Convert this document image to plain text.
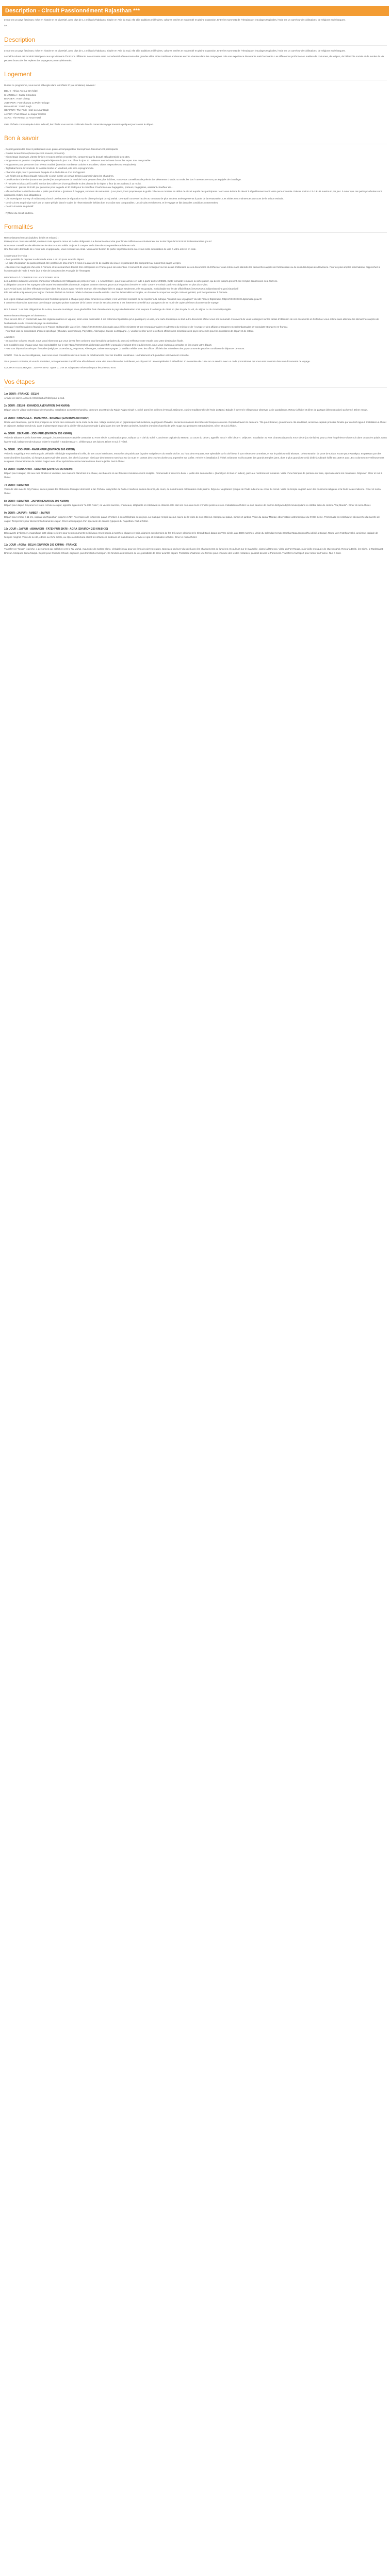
Description - Circuit Passionnément Rajasthan ***

L'Inde est un pays fascinant, riche en histoire et en diversité, avec plus de 1,4 milliard d'habitants. Située en Asie du Sud, elle allie traditions millénaires, cultures variées et modernité en pleine expansion. Entre les sommets de l'Himalaya et les plages tropicales, l'Inde est un carrefour de civilisations, de religions et de langues.

Le ...

Description

L'Inde est un pays fascinant, riche en histoire et en diversité, avec plus de 1,4 milliard d'habitants. Située en Asie du Sud, elle allie traditions millénaires, cultures variées et modernité en pleine expansion. Entre les sommets de l'Himalaya et les plages tropicales, l'Inde est un carrefour de civilisations, de religions et de langues.

Le Delhi culturel est l'endroit idéal pour ceux qui viennent d'horizons différents. Le contraste entre la modernité effervescente des grandes villes et les traditions anciennes encore vivantes dans les campagnes crée une expérience déroutante mais fascinante. Les différences profondes en matière de coutumes, de religion, de hiérarchie sociale et de modes de vie peuvent bousculer les repères des voyageurs peu expérimentés.

Logement

Durant ce programme, vous serez hébergés dans les hôtels 3* (ou similaires) suivants :

DELHI : Africa Avenue GK hôtel

KHANDELA : Castle Khandela

BIKANER : Hotel Chirag

JODHPUR : Fort Chanwa ou Pole Heritage

RANAKPUR : Fateh Bagh

UDAIPUR : The Pride Hotel ou Amar Bagh

JAIPUR : Park Ocean ou Jaipur Central

AGRA : The Retreat ou Amar Hotel

Liste d'hôtels communiquée à titre indicatif, les hôtels vous seront confirmés dans le carnet de voyage transmis quelques jours avant le départ.

Bon à savoir

- Départ garanti dès base 6 participants avec guide-accompagnateur francophone. Maximum 29 participants.

- Guides locaux francophones (accent souvent prononcé).

- Kilométrage important, vitesse limitée et routes parfois encombrées, compensé par la beauté et l'authenticité des sites.

- Programme en pension complète du petit-déjeuner du jour 2 au dîner du jour 13. Boissons non incluses durant les repas. Eau non potable.

- Programme pour personne d'un niveau modéré (attention nombreux couloirs et escaliers, visites respectées ou remplacées).

- Taj Mahal fermé le vendredi. Si la visite tombe un vendredi, elle sera reprogrammée.

- Chambre triple pour 3 personnes équipée d'un lit double et d'un lit d'appoint.

- Les hôtels ont de faux chauds mais celle-ci peut mettre un certain temps à parvenir dans les chambres.

- De décembre à février (notamment janvier) les températures du nord de l'Inde peuvent être plus fraîches, nous vous conseillons de prévoir des vêtements chauds. En Inde, les bus / navettes ne sont pas équipés de chauffage.

- À l'arrivée et à l'accueil à Delhi, remise des colliers et d'une guirlande et des photos de la région 1 fleur (6 ans cadeau à 13 mois).

- Pourboires : prévoir 50 EUR par personne pour la guide et 30 EUR pour le chauffeur. Pourboires aux bagagistes, porteurs, bagagistes, assistant chauffeur etc...

- Afin de faciliter la distribution des « petits pourboires » (porteurs à bagages, serveurs de restaurant...) sur place, il est proposé que le guide collecte ce montant en début de circuit auprès des participants : ceci vous évitera de devoir à régulièrement sortir votre porte monnaie. Prévoir environ 2 à 3 EUR maximum par jour. À noter que ces petits pourboires sont optionnels et donc non obligatoires.

- Life Investigator Survey of India (ASI) a lancé une hausse de réparation sur le dôme principal du Taj Mahal. Ce travail concerne l'accès au tombeau de plus anciens aménagements à partir de la restauration. Les visites sont maintenues au cours de la saison estivale.

- Ce circuit est en principe suivi par un autre périple dans le cadre de réservation de forfaits dont les coûts sont comparables. Les circuits enrichissent, et le voyage se fait dans des conditions commentées.

- Ce circuit existe en privatif.

- Rythme du circuit soutenu.

Formalités

Ressortissants français (adultes, bébés et enfants) :

Passeport en cours de validité, valable 6 mois après le retour et E-Visa obligatoire. La demande de e-Visa pour l'Inde s'effectuera exclusivement sur le site https://XXXXXXXX.indianvisaonline.gov.in/

Nous vous conseillons de sélectionner le visa E-tourist valide 30 jours à compter de la date de votre première arrivée en Inde.

Une fois votre demande de e-Visa faite et approuvée, vous recevrez un email. Vous aurez besoin de porter impérativement avec vous cette autorisation de visa à votre arrivée en Inde.

À noter pour le e-Visa :

- Il est possible de déposer sa demande entre 4 et 120 jours avant le départ.

- La date d'expiration du passeport doit être postérieure d'au moins 6 mois à la date de fin de validité du visa et le passeport doit comporter au moins trois pages vierges.

- Attention il ne s'agit pas d'un visa à l'arrivée et les démarches doivent être entreprises en France pour son obtention. Il convient de vous renseigner sur les délais d'obtention de ces documents et d'effectuer vous-même sans attendre les démarches auprès de l'ambassade ou du consulat depuis de délivrance. Pour de plus amples informations, rapprochez à l'Ambassade de l'Inde à Paris (sur le site de la Maison des Français de l'étranger).

IMPORTANT À COMPTER DU 1er OCTOBRE 2025

Les autorités indiennes viennent d'annoncer officiellement l'obligation de présenter une « e-Arrival Card » pour toute arrivée en Inde à partir du 01/10/2025. Cette formalité remplace la carte papier, qui devait jusqu'à présent être remplie dans l'avion ou à l'arrivée.

L'obligation concerne les voyageurs de toutes les nationalités du monde, majeurs comme mineurs, pour tous les points d'entrée en Inde. Cette « e-Arrival Card » est obligatoire en plus du E-Visa.

La e-Arrival Card doit être effectuée en ligne dans les 4 jours avant l'arrivée en Inde, elle est disponible en anglais seulement, elle est gratuite, et réalisable sur le site officiel https://XXXXXXXX.indianvisaonline.gov.in/earrival/

Elle est valide uniquement pour le jour d'arrivée déclaré et doit être refaite à chaque nouvelle arrivée. Une fois la formalité accomplie, un document comportant un QR code est généré, qu'il faut présenter à l'arrivée.

Les règles relatives au franchissement des frontières propres à chaque pays étant amenées à évoluer, il est vivement conseillé de se reporter à la rubrique "conseils aux voyageurs" du site France Diplomatie, https://XXXXXXXX.diplomatie.gouv.fr/

Il convient néanmoins avant tout que chaque voyageur puisse s'assurer de la bonne tenue de ses documents. Il est fortement conseillé aux voyageurs de se munir de copies de leurs documents de voyage.

Bon à savoir : Les frais obligatoires de e-Visa, de carte touristique et en général les frais d'entrée dans le pays de destination sont toujours à la charge du client en plus du prix du vol, du séjour ou du circuit déjà réglés.

Ressortissants étrangers et binationaux :

Vous devrez être en conformité avec les réglementations en vigueur, selon votre nationalité. Il est notamment possible qu'un passeport, un visa, une carte touristique ou tout autre document officiel vous soit demandé. Il convient de vous renseigner sur les délais d'obtention de ces documents et d'effectuer vous-même sans attendre les démarches auprès de l'ambassade ou du consulat du pays de destination.

Consulat / représentations étrangères en France et disponible via ce lien : https://XXXXXXXX.diplomatie.gouv.fr/fr/le-ministere-et-son-reseau/annuaires-et-adresses-du-ministere-de-l-europe-et-des-affaires-etrangeres-meae/ambassades-et-consulats-etrangers-en-france/.

- Pour tout visa ou autorisation d'accès spécifique (Bhoutan, Luxembourg, Pays-Bas, Allemagne, Suisse ou Espagne...), veuillez vérifier avec les offices officiels des ministères des pays concernés pour les conditions de départ et de retour.

A NOTER

- En cas d'un vol avec escale, nous vous informons que vous devez être conforme aux formalités sanitaires du pays où s'effectue votre escale pour votre destination finale.

Les modalités pour chaque pays sont consultables sur le site https://XXXXXXXX.diplomatie.gouv.fr/fr/ L'actualité évoluant très régulièrement, nous vous invitons à consulter ce lien avant votre départ.

- Pour tout départ d'un aéroport frontalier (Belgique, Luxembourg, Pays-Bas, Allemagne, Suisse ou Espagne...), veuillez vérifier avec les offices officiels des ministères des pays concernés pour les conditions de départ et de retour.

SANTÉ : Pas de vaccin obligatoire, mais nous vous conseillons de vous munir de médicaments pour les troubles intestinaux. Un traitement anti-paludéen est vivement conseillé.

Vous pouvez contacter, si vous le souhaitez, notre partenaire Rapidé'Visa afin d'obtenir votre visa sans démarche fastidieuse, en cliquant ici : www.rapidevisa.fr. Bénéficiez d'une remise de -15% sur ce service avec un code promotionnel qui vous sera transmis dans vos documents de voyage.

COURANT ELECTRIQUE : 230 V et 50Hz. Types C, D et M. Adaptateur nécessaire pour les prises D et M.

Vos étapes
1er JOUR : FRANCE - DELHI

Arrivée en soirée. Accueil et transfert à l'hôtel pour la nuit.

2e JOUR : DELHI - KHANDELA (ENVIRON 240 KM/6H)

Départ pour le village authentique de Khandela. Installation au Castle Khandela, demeure ancestrale du Rajah Rajput Singh II, niché parmi les collines d'Aravalli. Déjeuner, cuisine traditionnelle de l'Inde du Nord. Balade à travers le village pour observer la vie quotidienne. Retour à l'hôtel et dîner de partage (démonstration) au henné. Dîner et nuit.

3e JOUR : KHANDELA - MANDAWA - BIKANER (ENVIRON 250 KM/5H)

Route vers Mandawa, qui fut très prospère au temps des caravanes de la route de la soie. Village dominé par un gigantesque fort médiéval, regorgeant d'havelis, anciennes maisons décorées de fresques colorées. Départ à travers la demeure. Thé pour Bikaner, gouverneure cité du désert, ancienne capitale princière fondée par un chef rajpout. Installation à l'hôtel et déjeuner. Balade en tuk-tuk, dans le pittoresque bazar de la vieille ville puis promenade à pied dans les rues étroites animées, bordées d'anciens havelis de grès rouge aux peintures extraordinaires. Dîner et nuit à l'hôtel.

4e JOUR : BIKANER - JODHPUR (ENVIRON 250 KM/4H)

Visite de Bikaner et de la forteresse Junagarh, impressionnante citadelle construite au XVIe siècle. Continuation pour Jodhpur ou « cité du soleil », ancienne capitale du Marwar, ou cours du désert, appelée aussi « ville bleue ». Déjeuner. Installation au Fort Chanwa datant du XIXe siècle (ou similaire), pour y vivre l'expérience d'une nuit dans un ancien palais. Dans l'après-midi, balade en tuk-tuk pour visiter le marché « Sardar Bazar », célèbre pour ses épices. Dîner et nuit à l'hôtel.

5e JOUR : JODHPUR - RANAKPUR (ENVIRON 160 KM/3H)

Visite du magnifique Fort Mehrangarh, véritable nid d'aigle surplombant la ville, de ses cours intérieures, entourées de palais aux façades sculptées et du musée du fort. Du haut des remparts, vue splendide sur la cité bleue à 120 mètres en contrebas, et sur le palais Umaid Bhawan. Démonstration de pose de turban. Route pour Ranakpur, en passant par des routes bordées d'acacias, où l'on peut apercevoir des paons, des chefs à pompe, ainsi que des femmes marchant sur la route en portant des cruches dorées ou argentées sur la tête. Arrivée et installation à l'hôtel. Déjeuner et découverte des grands temples jaïns, dont le plus grandiose celui dédié à Adinath édifié en 1439 et aux 1444 colonnes merveilleusement sculptées. Démonstration de cuisine Rajput avec dîner spécial de cuisine Marwarienne dans le jardin. Nuit à l'hôtel.

6e JOUR : RANAKPUR - UDAIPUR (ENVIRON 95 KM/2H)

Départ pour Udaipur, cité aux rues étroites et vivantes, aux maisons blanchies à la chaux, aux balcons et aux fenêtres minutieusement sculptés. Promenade à travers le beau « jardin des demoiselles » (Saheliyon Ki Bari en indien), parc aux nombreuses fontaines. Visite d'une fabrique de peinture sur soie, spécialité dans les miniatures. Déjeuner, dîner et nuit à l'hôtel.

7e JOUR : UDAIPUR

Visite de ville avec le City Palace, ancien palais des Maharani d'Udaipur dominant le lac Pichola. Labyrinthe de halls et marbres, salons décorés, de cours, de nombreuses colonnades et de jardins. Déjeuner végétarien typique de l'Inde indienne au cœur du circuit. Visite du temple Jagdish avec des musiciens religieux et la foule locale indienne. Dîner et nuit à l'hôtel.

8e JOUR : UDAIPUR - JAIPUR (ENVIRON 390 KM/8H)

Départ pour Jaipur. Déjeuner en route. Arrivée à Jaipur, appelée également "la Cité Rose", où vaches sacrées, chameaux, éléphants et rickshaws se côtoient. Elle doit son nom aux murs crénelés peints en rose. Installation à l'hôtel. Le soir, séance de cinéma Bollywood (30 minutes) dans le célèbre salle de cinéma "Raj Mandir". Dîner et nuit à l'hôtel.

9e JOUR : JAIPUR - AMBER - JAIPUR

Départ pour Amber à 11 km, capitale du Rajasthan jusqu'en 1727. Ascension à la forteresse-palais d'Amber, à dos d'éléphant ou en jeep. La musique remplit la cour, suivie de la visite de son intérieur. Somptueux palais, miroirs et jardins. Visite du Jantar Mantar, observatoire astronomique du XVIIIe siècle. Promenade en rickshaw et découverte du marché de Jaipur. Temps libre pour découvrir l'artisanat de Jaipur. Dîner accompagné d'un spectacle de danses typiques du Rajasthan. Nuit à l'hôtel.

10e JOUR : JAIPUR - ABHANERI - FATEHPUR SIKRI - AGRA (ENVIRON 250 KM/5H30)

Découverte d'Abhaneri, magnifique petit village célèbre pour ses monuments médiévaux et ses baoris à marches, oliques en trois, alignées aux chemins de fer. Déjeuner, plein tirent le Chand Baori datant du VIIIe siècle, aux 3500 marches. Visite du splendide temple Harshat Mata (aujourd'hui dédié à Durga). Route vers Fatehpur Sikri, ancienne capitale de l'empire moghol. Visite de la cité, édifiée au XVIe siècle, au style architectural alliant les influences hindoues et musulmanes. Arrivée à Agra et installation à l'hôtel. Dîner et nuit à l'hôtel.

11e JOUR : AGRA - DELHI (ENVIRON 200 KM/4H) - FRANCE

Transfert en "tonga" (calèche, 4 personnes par calèche) vers le Taj Mahal, mausolée de marbre blanc, véritable joyau pour un écrin de pierres rouges. Spectacle du lever du soleil avec les changements de lumières et couleurs sur le mausolée, classé à l'Unesco. Visite du Fort Rouge, puis vieille mosquée de style moghol. Retour à Delhi, les Sikhs, le Rashtrapati Bhavan. Mosquée Jama Masjid. Départ pour Chandni Chowk, déjeuner, puis transfert à l'aéroport. En fonction des horaires de vol, possibilité de dîner avant le départ. Possibilité d'admirer une femme pour chacune des visites restantes, passant devant le Parlement. Transfert à l'aéroport pour retour en France. Nuit à bord.
